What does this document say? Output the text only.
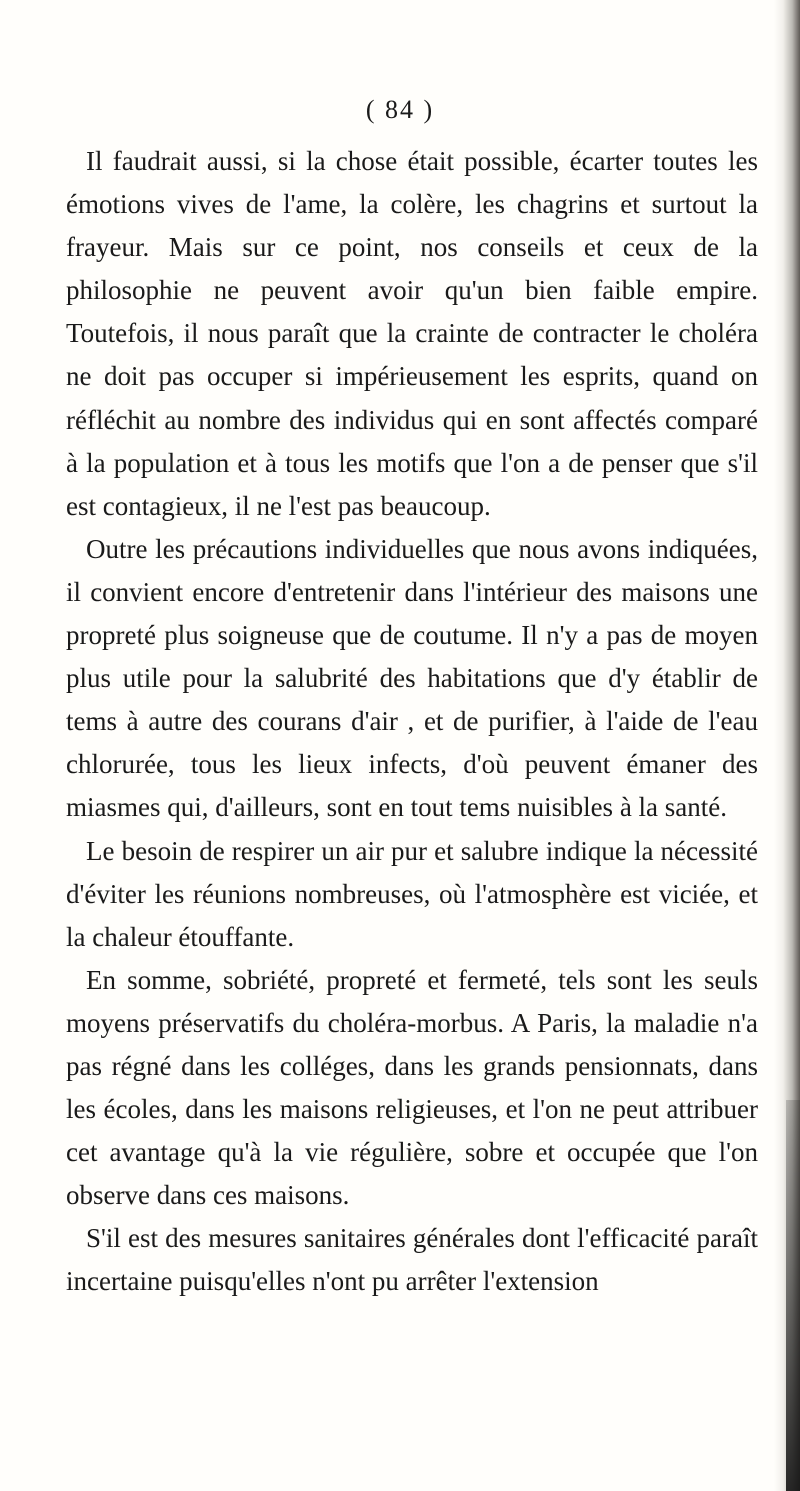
( 84 )

Il faudrait aussi, si la chose était possible, écarter toutes les émotions vives de l'ame, la colère, les chagrins et surtout la frayeur. Mais sur ce point, nos conseils et ceux de la philosophie ne peuvent avoir qu'un bien faible empire. Toutefois, il nous paraît que la crainte de contracter le choléra ne doit pas occuper si impérieusement les esprits, quand on réfléchit au nombre des individus qui en sont affectés comparé à la population et à tous les motifs que l'on a de penser que s'il est contagieux, il ne l'est pas beaucoup.

Outre les précautions individuelles que nous avons indiquées, il convient encore d'entretenir dans l'intérieur des maisons une propreté plus soigneuse que de coutume. Il n'y a pas de moyen plus utile pour la salubrité des habitations que d'y établir de tems à autre des courans d'air , et de purifier, à l'aide de l'eau chlorurée, tous les lieux infects, d'où peuvent émaner des miasmes qui, d'ailleurs, sont en tout tems nuisibles à la santé.

Le besoin de respirer un air pur et salubre indique la nécessité d'éviter les réunions nombreuses, où l'atmosphère est viciée, et la chaleur étouffante.

En somme, sobriété, propreté et fermeté, tels sont les seuls moyens préservatifs du choléra-morbus. A Paris, la maladie n'a pas régné dans les colléges, dans les grands pensionnats, dans les écoles, dans les maisons religieuses, et l'on ne peut attribuer cet avantage qu'à la vie régulière, sobre et occupée que l'on observe dans ces maisons.

S'il est des mesures sanitaires générales dont l'efficacité paraît incertaine puisqu'elles n'ont pu arrêter l'extension
